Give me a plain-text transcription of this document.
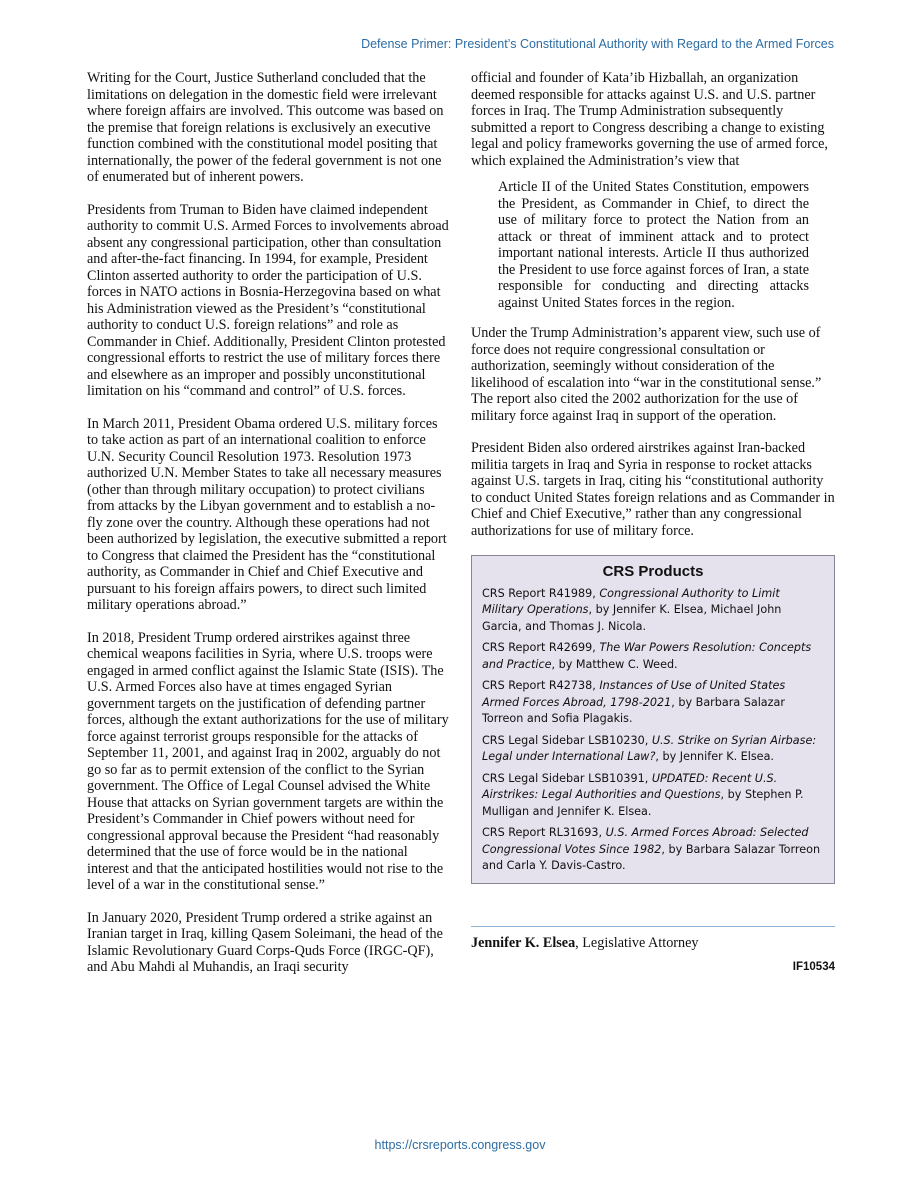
Defense Primer: President’s Constitutional Authority with Regard to the Armed Forces

Writing for the Court, Justice Sutherland concluded that the limitations on delegation in the domestic field were irrelevant where foreign affairs are involved. This outcome was based on the premise that foreign relations is exclusively an executive function combined with the constitutional model positing that internationally, the power of the federal government is not one of enumerated but of inherent powers.

Presidents from Truman to Biden have claimed independent authority to commit U.S. Armed Forces to involvements abroad absent any congressional participation, other than consultation and after-the-fact financing. In 1994, for example, President Clinton asserted authority to order the participation of U.S. forces in NATO actions in Bosnia-Herzegovina based on what his Administration viewed as the President’s “constitutional authority to conduct U.S. foreign relations” and role as Commander in Chief. Additionally, President Clinton protested congressional efforts to restrict the use of military forces there and elsewhere as an improper and possibly unconstitutional limitation on his “command and control” of U.S. forces.

In March 2011, President Obama ordered U.S. military forces to take action as part of an international coalition to enforce U.N. Security Council Resolution 1973. Resolution 1973 authorized U.N. Member States to take all necessary measures (other than through military occupation) to protect civilians from attacks by the Libyan government and to establish a no-fly zone over the country. Although these operations had not been authorized by legislation, the executive submitted a report to Congress that claimed the President has the “constitutional authority, as Commander in Chief and Chief Executive and pursuant to his foreign affairs powers, to direct such limited military operations abroad.”

In 2018, President Trump ordered airstrikes against three chemical weapons facilities in Syria, where U.S. troops were engaged in armed conflict against the Islamic State (ISIS). The U.S. Armed Forces also have at times engaged Syrian government targets on the justification of defending partner forces, although the extant authorizations for the use of military force against terrorist groups responsible for the attacks of September 11, 2001, and against Iraq in 2002, arguably do not go so far as to permit extension of the conflict to the Syrian government. The Office of Legal Counsel advised the White House that attacks on Syrian government targets are within the President’s Commander in Chief powers without need for congressional approval because the President “had reasonably determined that the use of force would be in the national interest and that the anticipated hostilities would not rise to the level of a war in the constitutional sense.”

In January 2020, President Trump ordered a strike against an Iranian target in Iraq, killing Qasem Soleimani, the head of the Islamic Revolutionary Guard Corps-Quds Force (IRGC-QF), and Abu Mahdi al Muhandis, an Iraqi security

official and founder of Kata’ib Hizballah, an organization deemed responsible for attacks against U.S. and U.S. partner forces in Iraq. The Trump Administration subsequently submitted a report to Congress describing a change to existing legal and policy frameworks governing the use of armed force, which explained the Administration’s view that

Article II of the United States Constitution, empowers the President, as Commander in Chief, to direct the use of military force to protect the Nation from an attack or threat of imminent attack and to protect important national interests. Article II thus authorized the President to use force against forces of Iran, a state responsible for conducting and directing attacks against United States forces in the region.

Under the Trump Administration’s apparent view, such use of force does not require congressional consultation or authorization, seemingly without consideration of the likelihood of escalation into “war in the constitutional sense.” The report also cited the 2002 authorization for the use of military force against Iraq in support of the operation.

President Biden also ordered airstrikes against Iran-backed militia targets in Iraq and Syria in response to rocket attacks against U.S. targets in Iraq, citing his “constitutional authority to conduct United States foreign relations and as Commander in Chief and Chief Executive,” rather than any congressional authorizations for use of military force.

CRS Products
CRS Report R41989, Congressional Authority to Limit Military Operations, by Jennifer K. Elsea, Michael John Garcia, and Thomas J. Nicola.
CRS Report R42699, The War Powers Resolution: Concepts and Practice, by Matthew C. Weed.
CRS Report R42738, Instances of Use of United States Armed Forces Abroad, 1798-2021, by Barbara Salazar Torreon and Sofia Plagakis.
CRS Legal Sidebar LSB10230, U.S. Strike on Syrian Airbase: Legal under International Law?, by Jennifer K. Elsea.
CRS Legal Sidebar LSB10391, UPDATED: Recent U.S. Airstrikes: Legal Authorities and Questions, by Stephen P. Mulligan and Jennifer K. Elsea.
CRS Report RL31693, U.S. Armed Forces Abroad: Selected Congressional Votes Since 1982, by Barbara Salazar Torreon and Carla Y. Davis-Castro.
Jennifer K. Elsea, Legislative Attorney
IF10534
https://crsreports.congress.gov
